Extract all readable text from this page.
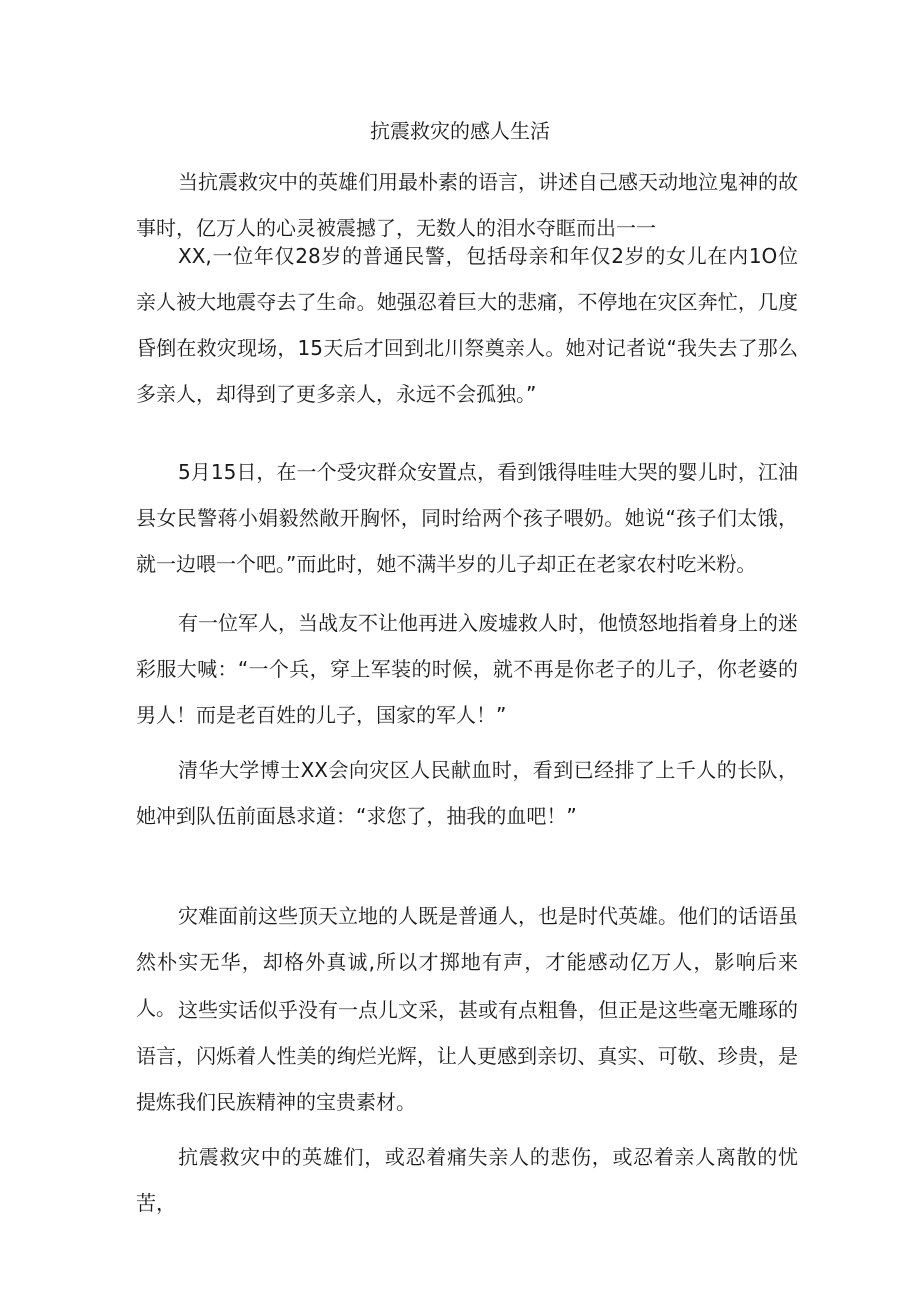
抗震救灾的感人生活

当抗震救灾中的英雄们用最朴素的语言，讲述自己感天动地泣鬼神的故事时，亿万人的心灵被震撼了，无数人的泪水夺眶而出一一

XX,一位年仅28岁的普通民警，包括母亲和年仅2岁的女儿在内1O位亲人被大地震夺去了生命。她强忍着巨大的悲痛，不停地在灾区奔忙，几度昏倒在救灾现场，15天后才回到北川祭奠亲人。她对记者说“我失去了那么多亲人，却得到了更多亲人，永远不会孤独。”

5月15日，在一个受灾群众安置点，看到饿得哇哇大哭的婴儿时，江油县女民警蒋小娟毅然敞开胸怀，同时给两个孩子喂奶。她说“孩子们太饿，就一边喂一个吧。”而此时，她不满半岁的儿子却正在老家农村吃米粉。

有一位军人，当战友不让他再进入废墟救人时，他愤怒地指着身上的迷彩服大喊：“一个兵，穿上军装的时候，就不再是你老子的儿子，你老婆的男人！而是老百姓的儿子，国家的军人！”

清华大学博士XX会向灾区人民献血时，看到已经排了上千人的长队，她冲到队伍前面恳求道：“求您了，抽我的血吧！”

灾难面前这些顶天立地的人既是普通人，也是时代英雄。他们的话语虽然朴实无华，却格外真诚,所以才掷地有声，才能感动亿万人，影响后来人。 这些实话似乎没有一点儿文采，甚或有点粗鲁，但正是这些毫无雕琢的语言，闪烁着人性美的绚烂光辉，让人更感到亲切、真实、可敬、珍贵，是提炼我们民族精神的宝贵素材。

抗震救灾中的英雄们，或忍着痛失亲人的悲伤，或忍着亲人离散的忧苦，
